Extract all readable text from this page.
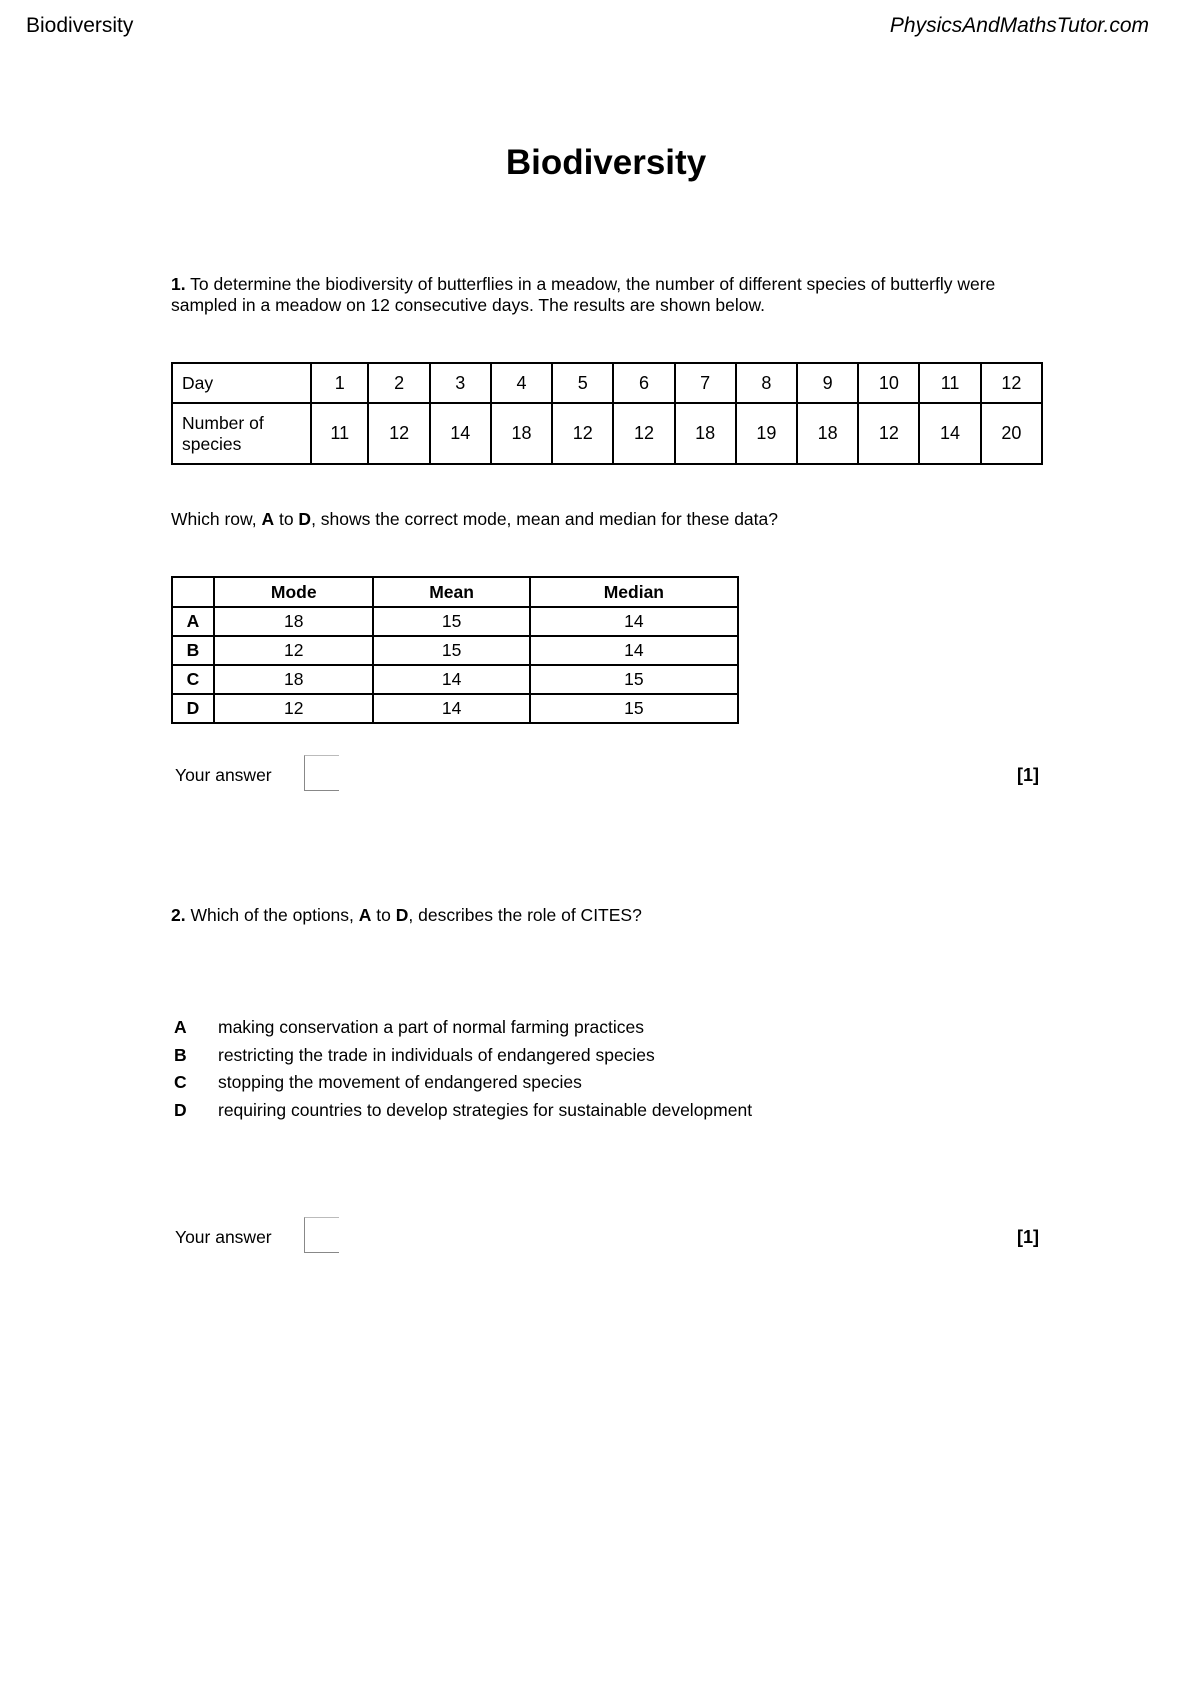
Biodiversity	PhysicsAndMathsTutor.com
Biodiversity
1. To determine the biodiversity of butterflies in a meadow, the number of different species of butterfly were sampled in a meadow on 12 consecutive days. The results are shown below.
Day	1	2	3	4	5	6	7	8	9	10	11	12
Number of species	11	12	14	18	12	12	18	19	18	12	14	20
Which row, A to D, shows the correct mode, mean and median for these data?
	Mode	Mean	Median
A	18	15	14
B	12	15	14
C	18	14	15
D	12	14	15
Your answer	[1]
2. Which of the options, A to D, describes the role of CITES?
A	making conservation a part of normal farming practices
B	restricting the trade in individuals of endangered species
C	stopping the movement of endangered species
D	requiring countries to develop strategies for sustainable development
Your answer	[1]
